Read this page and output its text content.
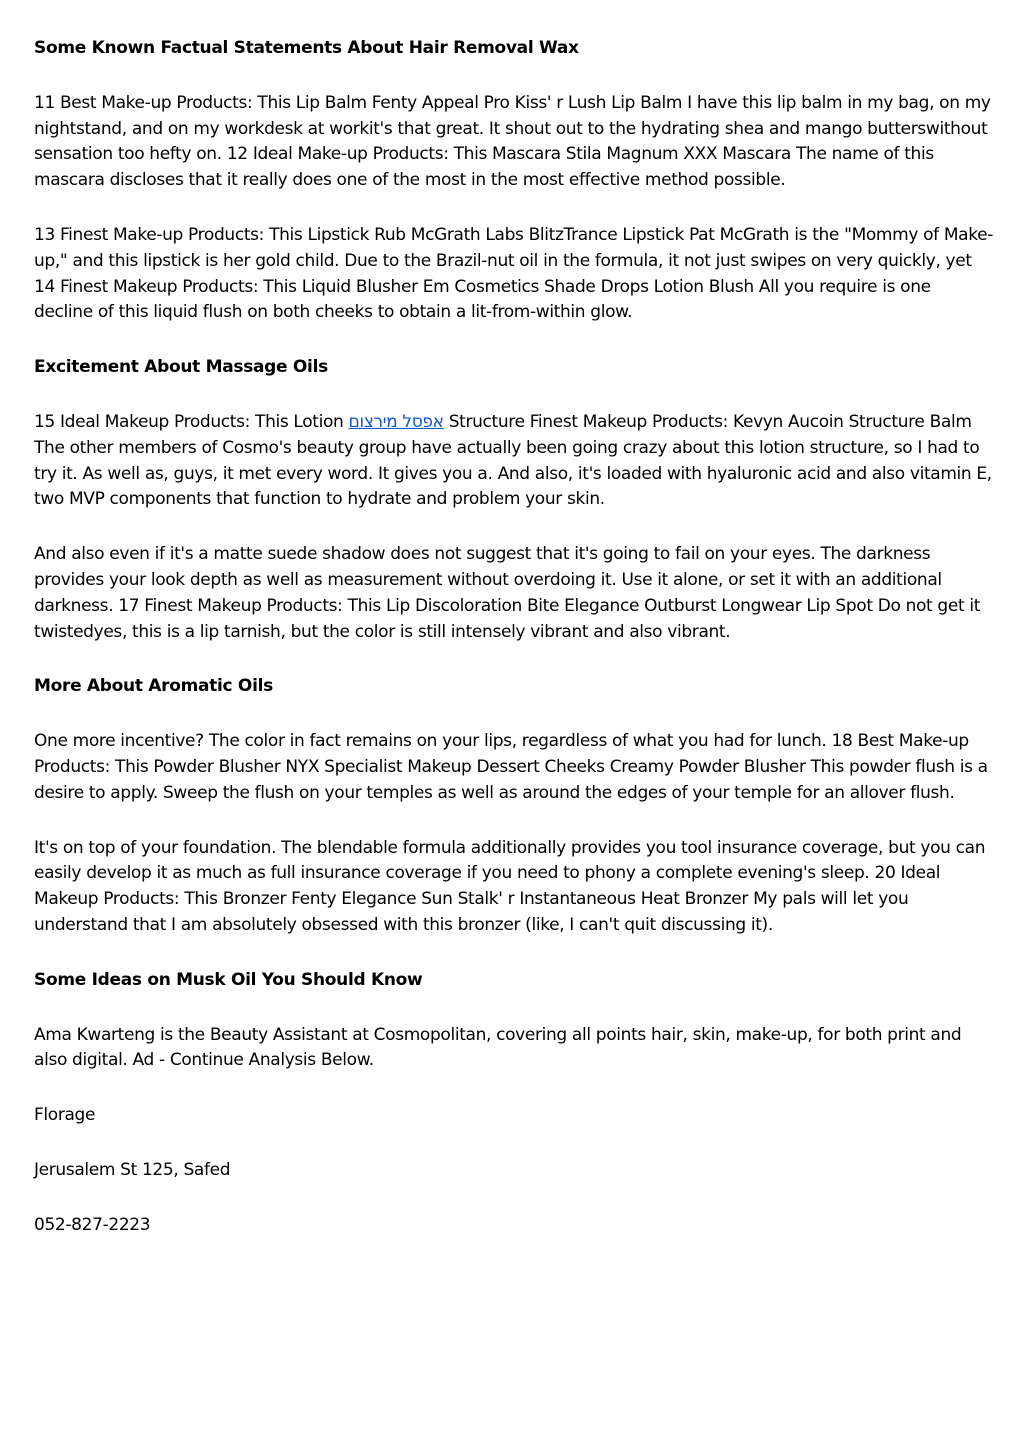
Some Known Factual Statements About Hair Removal Wax

11 Best Make-up Products: This Lip Balm Fenty Appeal Pro Kiss' r Lush Lip Balm I have this lip balm in my bag, on my nightstand, and on my workdesk at workit's that great. It shout out to the hydrating shea and mango butterswithout sensation too hefty on. 12 Ideal Make-up Products: This Mascara Stila Magnum XXX Mascara The name of this mascara discloses that it really does one of the most in the most effective method possible.

13 Finest Make-up Products: This Lipstick Rub McGrath Labs BlitzTrance Lipstick Pat McGrath is the "Mommy of Make-up," and this lipstick is her gold child. Due to the Brazil-nut oil in the formula, it not just swipes on very quickly, yet 14 Finest Makeup Products: This Liquid Blusher Em Cosmetics Shade Drops Lotion Blush All you require is one decline of this liquid flush on both cheeks to obtain a lit-from-within glow.

Excitement About Massage Oils

15 Ideal Makeup Products: This Lotion אפסל מירצום Structure Finest Makeup Products: Kevyn Aucoin Structure Balm The other members of Cosmo's beauty group have actually been going crazy about this lotion structure, so I had to try it. As well as, guys, it met every word. It gives you a. And also, it's loaded with hyaluronic acid and also vitamin E, two MVP components that function to hydrate and problem your skin.

And also even if it's a matte suede shadow does not suggest that it's going to fail on your eyes. The darkness provides your look depth as well as measurement without overdoing it. Use it alone, or set it with an additional darkness. 17 Finest Makeup Products: This Lip Discoloration Bite Elegance Outburst Longwear Lip Spot Do not get it twistedyes, this is a lip tarnish, but the color is still intensely vibrant and also vibrant.

More About Aromatic Oils

One more incentive? The color in fact remains on your lips, regardless of what you had for lunch. 18 Best Make-up Products: This Powder Blusher NYX Specialist Makeup Dessert Cheeks Creamy Powder Blusher This powder flush is a desire to apply. Sweep the flush on your temples as well as around the edges of your temple for an allover flush.

It's on top of your foundation. The blendable formula additionally provides you tool insurance coverage, but you can easily develop it as much as full insurance coverage if you need to phony a complete evening's sleep. 20 Ideal Makeup Products: This Bronzer Fenty Elegance Sun Stalk' r Instantaneous Heat Bronzer My pals will let you understand that I am absolutely obsessed with this bronzer (like, I can't quit discussing it).

Some Ideas on Musk Oil You Should Know

Ama Kwarteng is the Beauty Assistant at Cosmopolitan, covering all points hair, skin, make-up, for both print and also digital. Ad - Continue Analysis Below.

Florage

Jerusalem St 125, Safed

052-827-2223
